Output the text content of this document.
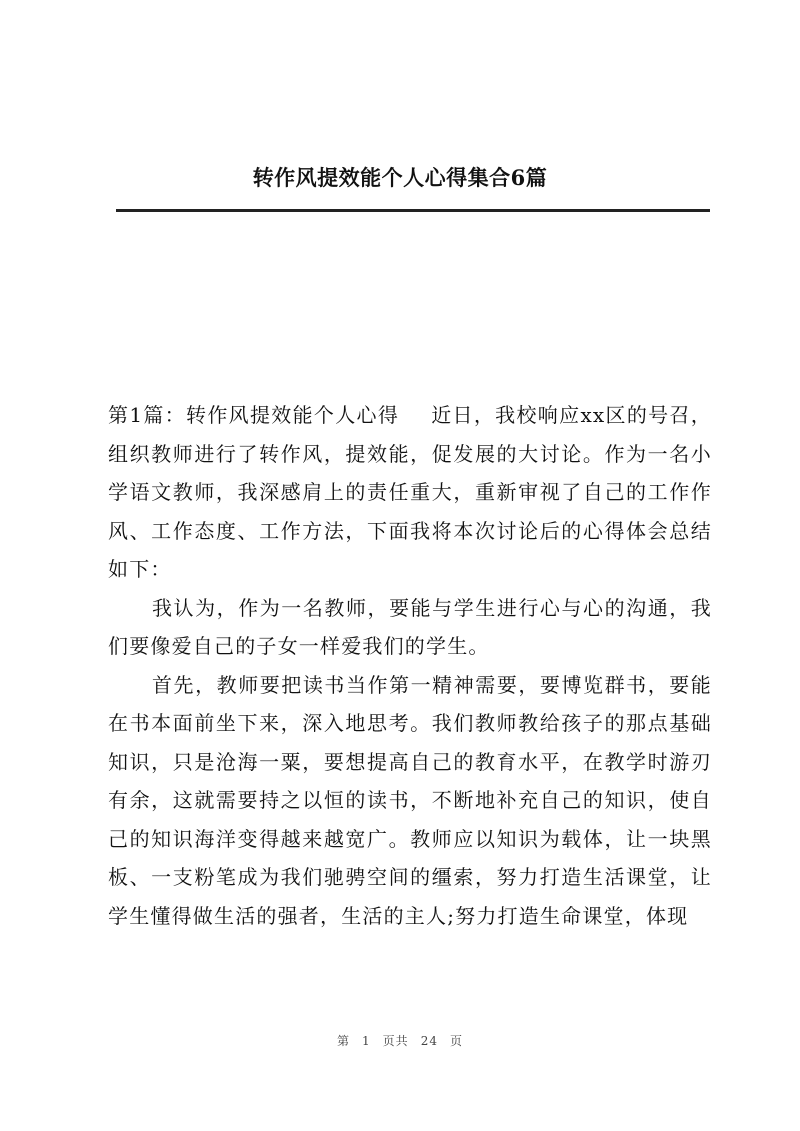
转作风提效能个人心得集合6篇

第1篇：转作风提效能个人心得 近日，我校响应xx区的号召，组织教师进行了转作风，提效能，促发展的大讨论。作为一名小学语文教师，我深感肩上的责任重大，重新审视了自己的工作作风、工作态度、工作方法，下面我将本次讨论后的心得体会总结如下：

我认为，作为一名教师，要能与学生进行心与心的沟通，我们要像爱自己的子女一样爱我们的学生。

首先，教师要把读书当作第一精神需要，要博览群书，要能在书本面前坐下来，深入地思考。我们教师教给孩子的那点基础知识，只是沧海一粟，要想提高自己的教育水平，在教学时游刃有余，这就需要持之以恒的读书，不断地补充自己的知识，使自己的知识海洋变得越来越宽广。教师应以知识为载体，让一块黑板、一支粉笔成为我们驰骋空间的缰索，努力打造生活课堂，让学生懂得做生活的强者，生活的主人;努力打造生命课堂，体现

第 1 页共 24 页
